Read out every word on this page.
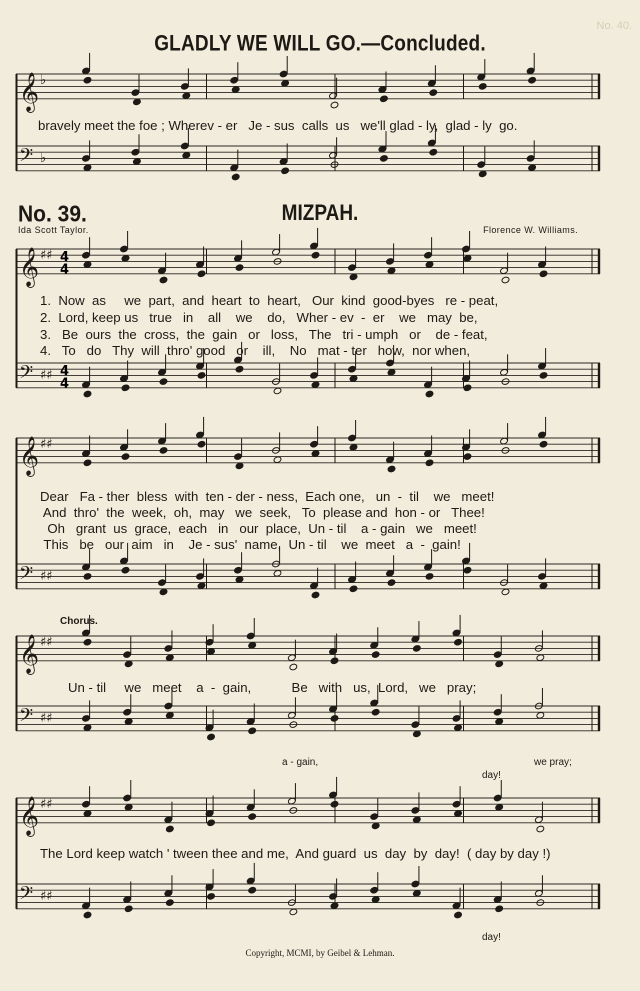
No. 40.
GLADLY WE WILL GO.—Concluded.
𝄞 ♭
𝄢 ♭
bravely meet the foe ; Wherev - er   Je - sus  calls  us   we'll glad - ly,  glad - ly  go.
No. 39.	MIZPAH.
Ida Scott Taylor.	Florence W. Williams.
𝄞 ♯♯ 4
4
𝄢 ♯♯ 4
4
1.  Now  as     we  part,  and  heart  to  heart,   Our  kind  good-byes   re - peat,
2.  Lord, keep us   true   in    all    we    do,   Wher - ev  -  er    we   may  be,
3.   Be  ours  the  cross,  the  gain   or   loss,   The   tri - umph   or    de - feat,
4.   To   do   Thy  will  thro' good   or    ill,    No   mat - ter   how,  nor when,
𝄞 ♯♯
𝄢 ♯♯
Dear   Fa - ther  bless  with  ten - der - ness,  Each one,   un  -  til    we   meet!
And  thro'  the  week,  oh,  may   we  seek,   To  please and  hon - or   Thee!
Oh   grant  us  grace,  each   in   our  place,  Un - til    a - gain   we   meet!
This   be   our  aim   in    Je - sus'  name,  Un - til    we  meet   a  -  gain!
Chorus.
𝄞 ♯♯
𝄢 ♯♯
Un - til     we   meet    a  -  gain,           Be   with   us,  Lord,   we   pray;
a - gain,	we pray;
day!
𝄞 ♯♯
𝄢 ♯♯
The Lord keep watch ' tween thee and me,  And guard  us  day  by  day!  ( day by day !)
day!
Copyright, MCMI, by Geibel & Lehman.
